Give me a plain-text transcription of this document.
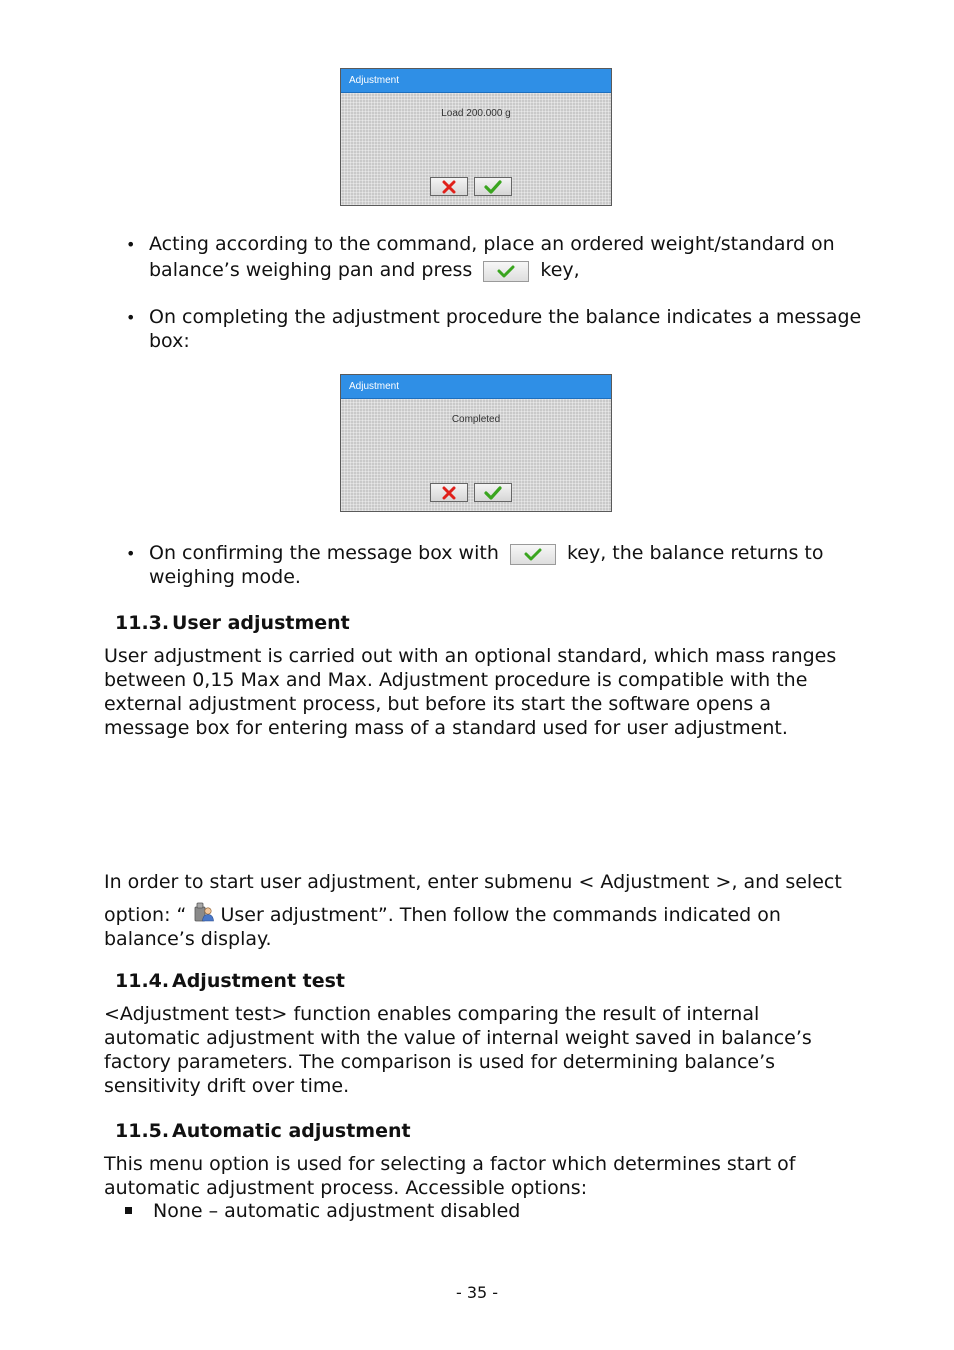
Adjustment
Load 200.000 g
• Acting according to the command, place an ordered weight/standard on
balance’s weighing pan and press	key,
• On completing the adjustment procedure the balance indicates a message
box:
Adjustment
Completed
• On confirming the message box with	key, the balance returns to
weighing mode.
11.3. User adjustment
User adjustment is carried out with an optional standard, which mass ranges
between 0,15 Max and Max. Adjustment procedure is compatible with the
external adjustment process, but before its start the software opens a
message box for entering mass of a standard used for user adjustment.
In order to start user adjustment, enter submenu < Adjustment >, and select
option: “ User adjustment”. Then follow the commands indicated on
balance’s display.
11.4. Adjustment test
<Adjustment test> function enables comparing the result of internal
automatic adjustment with the value of internal weight saved in balance’s
factory parameters. The comparison is used for determining balance’s
sensitivity drift over time.
11.5. Automatic adjustment
This menu option is used for selecting a factor which determines start of
automatic adjustment process. Accessible options:
None – automatic adjustment disabled
- 35 -
